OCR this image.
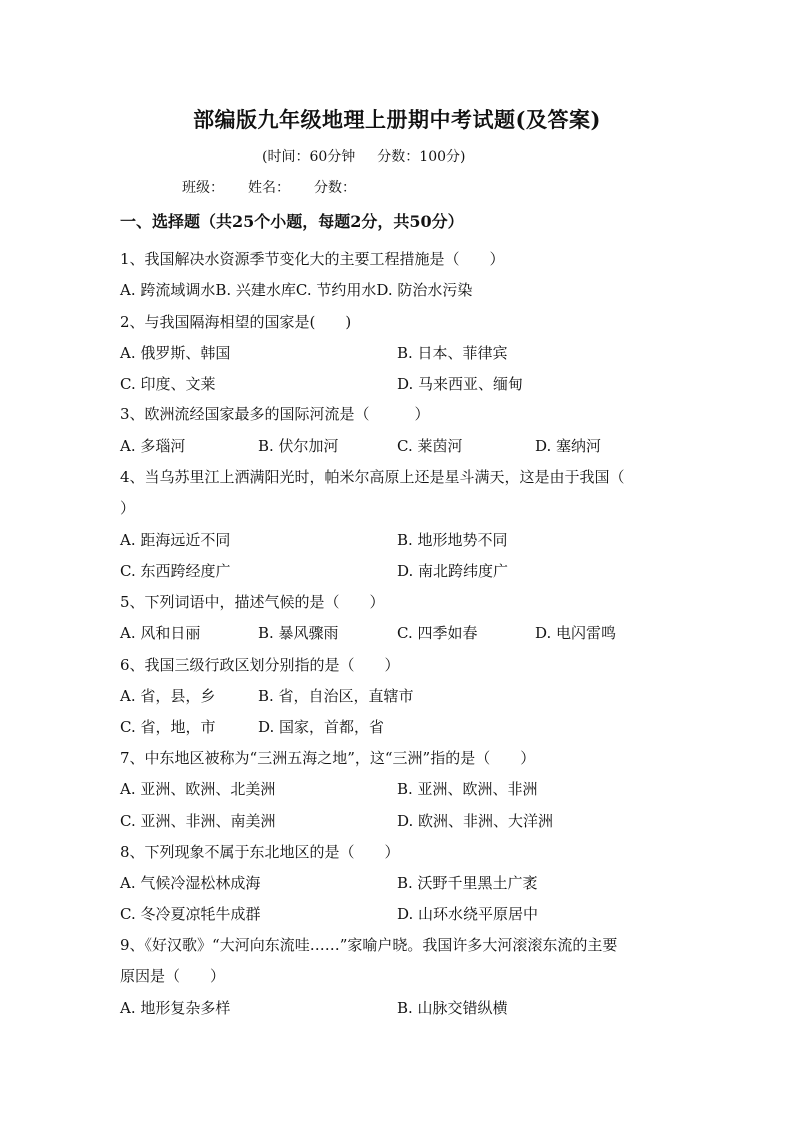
部编版九年级地理上册期中考试题(及答案)
(时间：60分钟 分数：100分)
班级： 姓名： 分数：
一、选择题（共25个小题，每题2分，共50分）
1、我国解决水资源季节变化大的主要工程措施是（　　）
A. 跨流域调水B. 兴建水库C. 节约用水D. 防治水污染
2、与我国隔海相望的国家是(　　)
A. 俄罗斯、韩国	B. 日本、菲律宾
C. 印度、文莱	D. 马来西亚、缅甸
3、欧洲流经国家最多的国际河流是（　　　）
A. 多瑙河	B. 伏尔加河	C. 莱茵河	D. 塞纳河
4、当乌苏里江上洒满阳光时，帕米尔高原上还是星斗满天，这是由于我国（
）
A. 距海远近不同	B. 地形地势不同
C. 东西跨经度广	D. 南北跨纬度广
5、下列词语中，描述气候的是（　　）
A. 风和日丽	B. 暴风骤雨	C. 四季如春	D. 电闪雷鸣
6、我国三级行政区划分别指的是（　　）
A. 省，县，乡	B. 省，自治区，直辖市
C. 省，地，市	D. 国家，首都，省
7、中东地区被称为“三洲五海之地”，这“三洲”指的是（　　）
A. 亚洲、欧洲、北美洲	B. 亚洲、欧洲、非洲
C. 亚洲、非洲、南美洲	D. 欧洲、非洲、大洋洲
8、下列现象不属于东北地区的是（　　）
A. 气候冷湿松林成海	B. 沃野千里黑土广袤
C. 冬冷夏凉牦牛成群	D. 山环水绕平原居中
9、《好汉歌》“大河向东流哇……”家喻户晓。我国许多大河滚滚东流的主要
原因是（　　）
A. 地形复杂多样	B. 山脉交错纵横
